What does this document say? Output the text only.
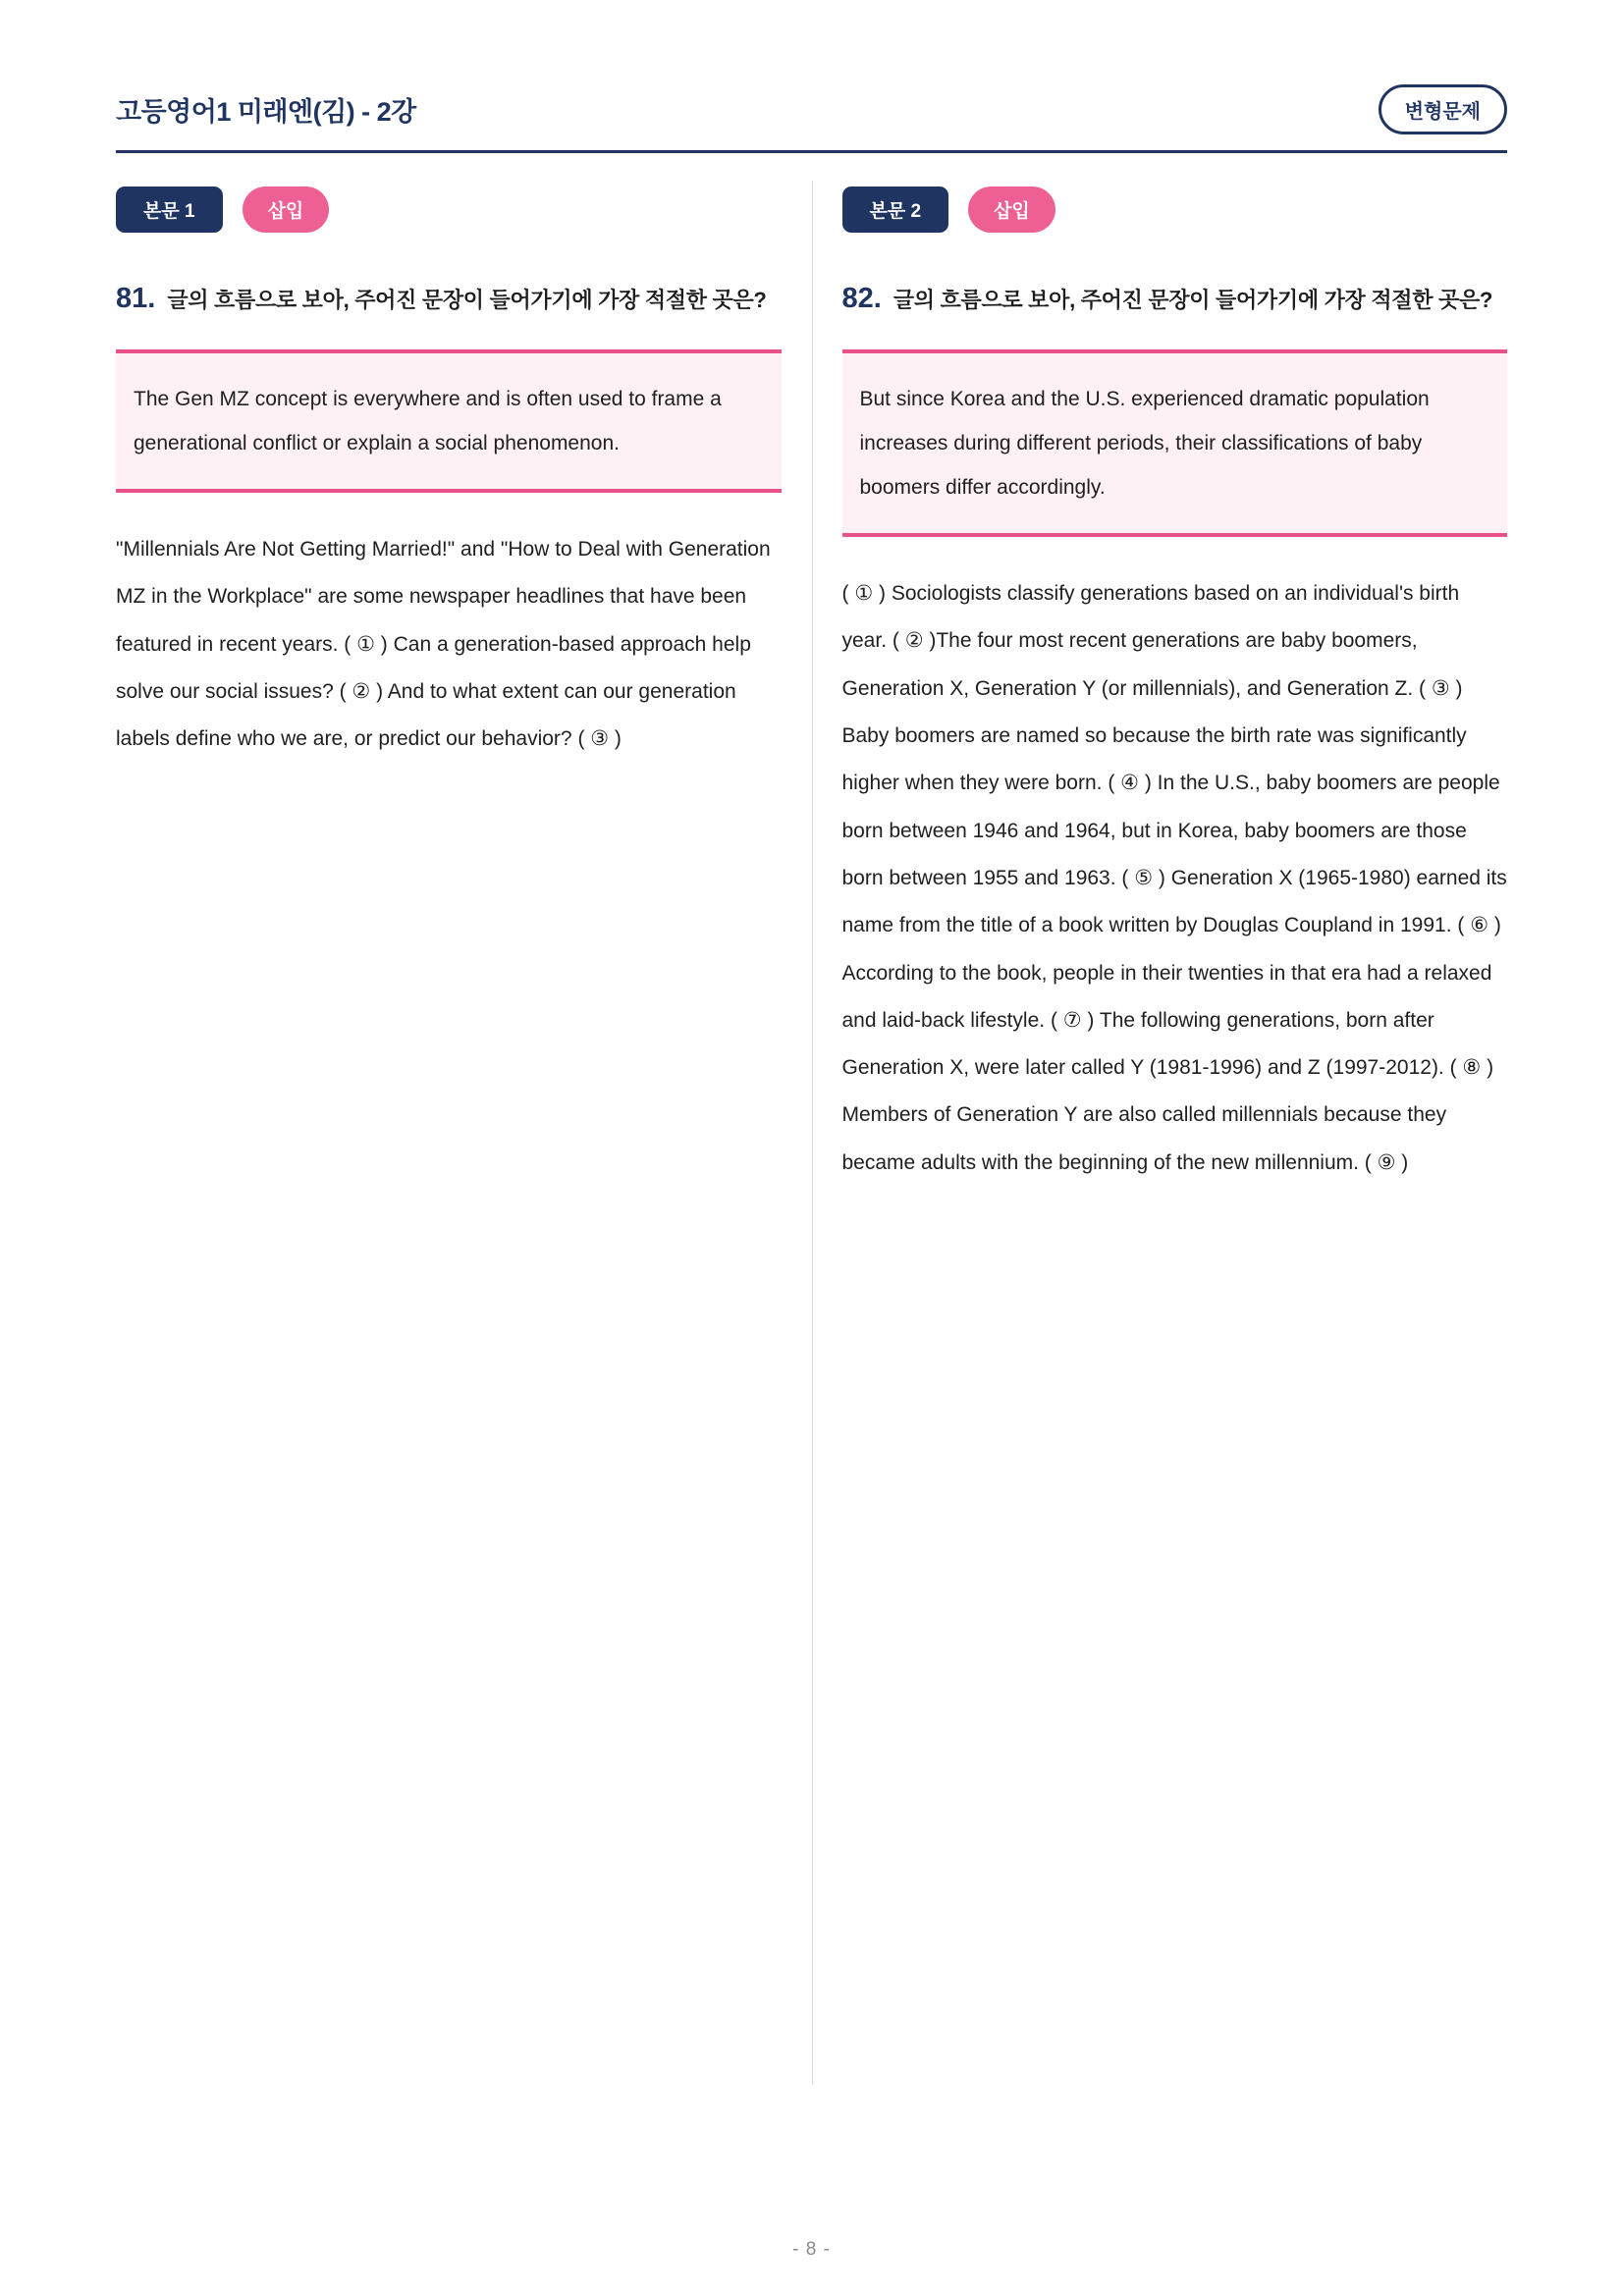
고등영어1 미래엔(김) - 2강	변형문제
본문 1	삽입

81. 글의 흐름으로 보아, 주어진 문장이 들어가기에 가장 적절한 곳은?

The Gen MZ concept is everywhere and is often used to frame a generational conflict or explain a social phenomenon.

"Millennials Are Not Getting Married!" and "How to Deal with Generation MZ in the Workplace" are some newspaper headlines that have been featured in recent years. ( ① ) Can a generation-based approach help solve our social issues? ( ② ) And to what extent can our generation labels define who we are, or predict our behavior? ( ③ )

본문 2	삽입

82. 글의 흐름으로 보아, 주어진 문장이 들어가기에 가장 적절한 곳은?

But since Korea and the U.S. experienced dramatic population increases during different periods, their classifications of baby boomers differ accordingly.

( ① ) Sociologists classify generations based on an individual's birth year. ( ② )The four most recent generations are baby boomers, Generation X, Generation Y (or millennials), and Generation Z. ( ③ ) Baby boomers are named so because the birth rate was significantly higher when they were born. ( ④ ) In the U.S., baby boomers are people born between 1946 and 1964, but in Korea, baby boomers are those born between 1955 and 1963. ( ⑤ ) Generation X (1965-1980) earned its name from the title of a book written by Douglas Coupland in 1991. ( ⑥ ) According to the book, people in their twenties in that era had a relaxed and laid-back lifestyle. ( ⑦ ) The following generations, born after Generation X, were later called Y (1981-1996) and Z (1997-2012). ( ⑧ ) Members of Generation Y are also called millennials because they became adults with the beginning of the new millennium. ( ⑨ )

- 8 -
